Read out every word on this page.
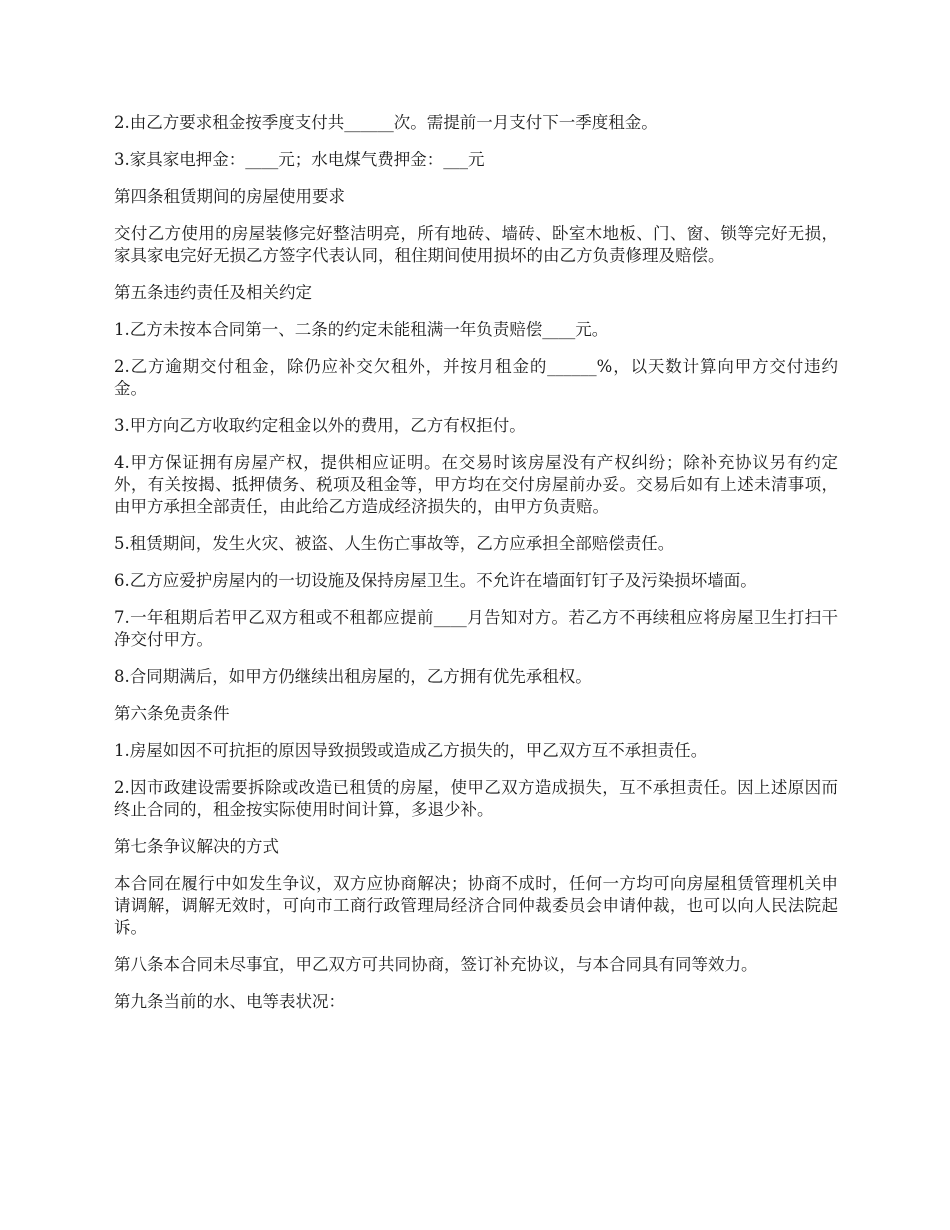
2.由乙方要求租金按季度支付共______次。需提前一月支付下一季度租金。

3.家具家电押金：____元；水电煤气费押金：___元

第四条租赁期间的房屋使用要求

交付乙方使用的房屋装修完好整洁明亮，所有地砖、墙砖、卧室木地板、门、窗、锁等完好无损，家具家电完好无损乙方签字代表认同，租住期间使用损坏的由乙方负责修理及赔偿。

第五条违约责任及相关约定

1.乙方未按本合同第一、二条的约定未能租满一年负责赔偿____元。

2.乙方逾期交付租金，除仍应补交欠租外，并按月租金的______%，以天数计算向甲方交付违约金。

3.甲方向乙方收取约定租金以外的费用，乙方有权拒付。

4.甲方保证拥有房屋产权，提供相应证明。在交易时该房屋没有产权纠纷；除补充协议另有约定外，有关按揭、抵押债务、税项及租金等，甲方均在交付房屋前办妥。交易后如有上述未清事项，由甲方承担全部责任，由此给乙方造成经济损失的，由甲方负责赔。

5.租赁期间，发生火灾、被盗、人生伤亡事故等，乙方应承担全部赔偿责任。

6.乙方应爱护房屋内的一切设施及保持房屋卫生。不允许在墙面钉钉子及污染损坏墙面。

7.一年租期后若甲乙双方租或不租都应提前____月告知对方。若乙方不再续租应将房屋卫生打扫干净交付甲方。

8.合同期满后，如甲方仍继续出租房屋的，乙方拥有优先承租权。

第六条免责条件

1.房屋如因不可抗拒的原因导致损毁或造成乙方损失的，甲乙双方互不承担责任。

2.因市政建设需要拆除或改造已租赁的房屋，使甲乙双方造成损失，互不承担责任。因上述原因而终止合同的，租金按实际使用时间计算，多退少补。

第七条争议解决的方式

本合同在履行中如发生争议，双方应协商解决；协商不成时，任何一方均可向房屋租赁管理机关申请调解，调解无效时，可向市工商行政管理局经济合同仲裁委员会申请仲裁，也可以向人民法院起诉。

第八条本合同未尽事宜，甲乙双方可共同协商，签订补充协议，与本合同具有同等效力。

第九条当前的水、电等表状况：
